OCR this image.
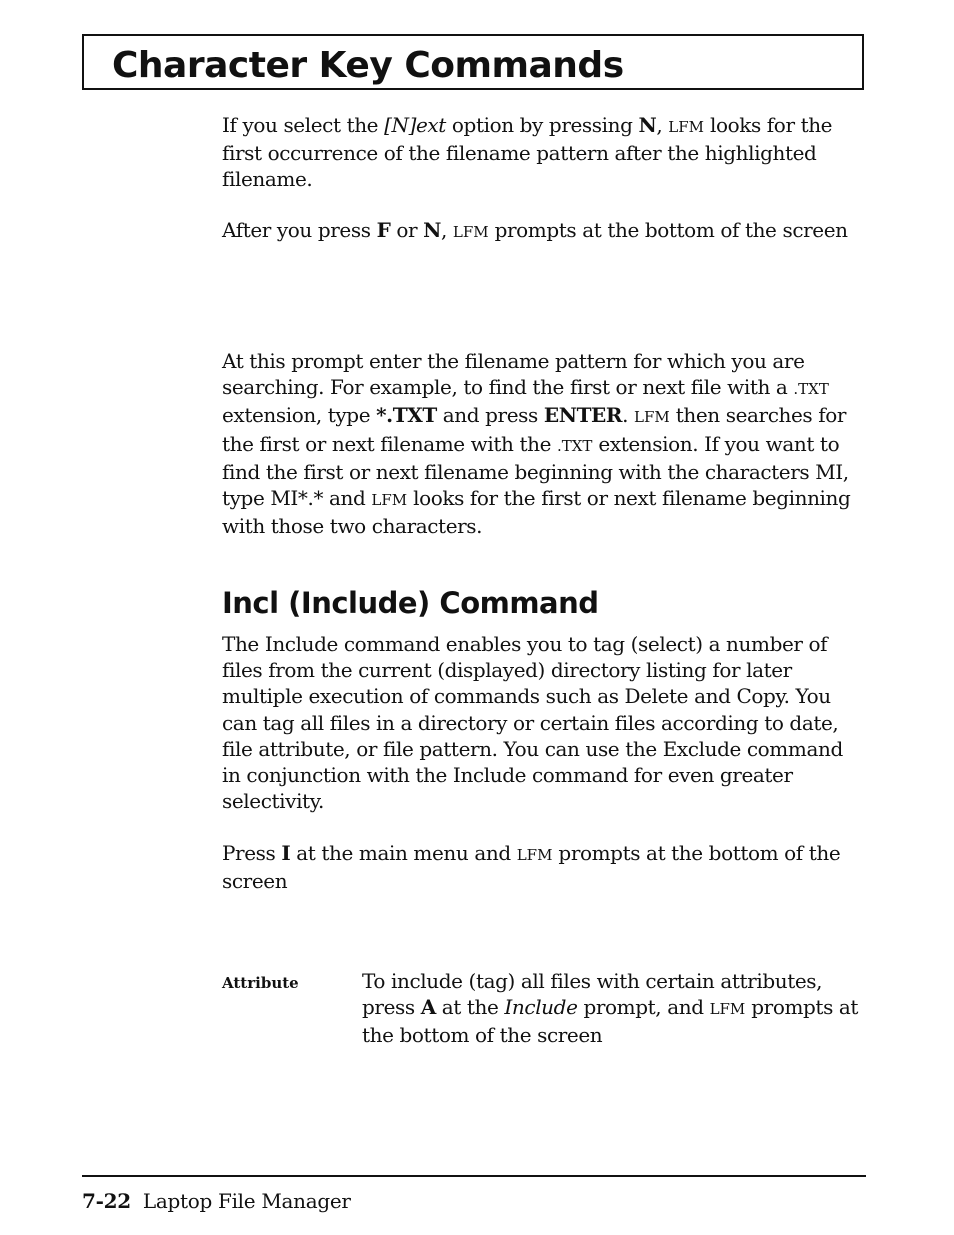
Character Key Commands

If you select the [N]ext option by pressing N, LFM looks for the first occurrence of the filename pattern after the highlighted filename.

After you press F or N, LFM prompts at the bottom of the screen

At this prompt enter the filename pattern for which you are searching. For example, to find the first or next file with a .TXT extension, type *.TXT and press ENTER. LFM then searches for the first or next filename with the .TXT extension. If you want to find the first or next filename beginning with the characters MI, type MI*.* and LFM looks for the first or next filename beginning with those two characters.

Incl (Include) Command

The Include command enables you to tag (select) a number of files from the current (displayed) directory listing for later multiple execution of commands such as Delete and Copy. You can tag all files in a directory or certain files according to date, file attribute, or file pattern. You can use the Exclude command in conjunction with the Include command for even greater selectivity.

Press I at the main menu and LFM prompts at the bottom of the screen

Attribute	To include (tag) all files with certain attributes, press A at the Include prompt, and LFM prompts at the bottom of the screen

7-22 Laptop File Manager
